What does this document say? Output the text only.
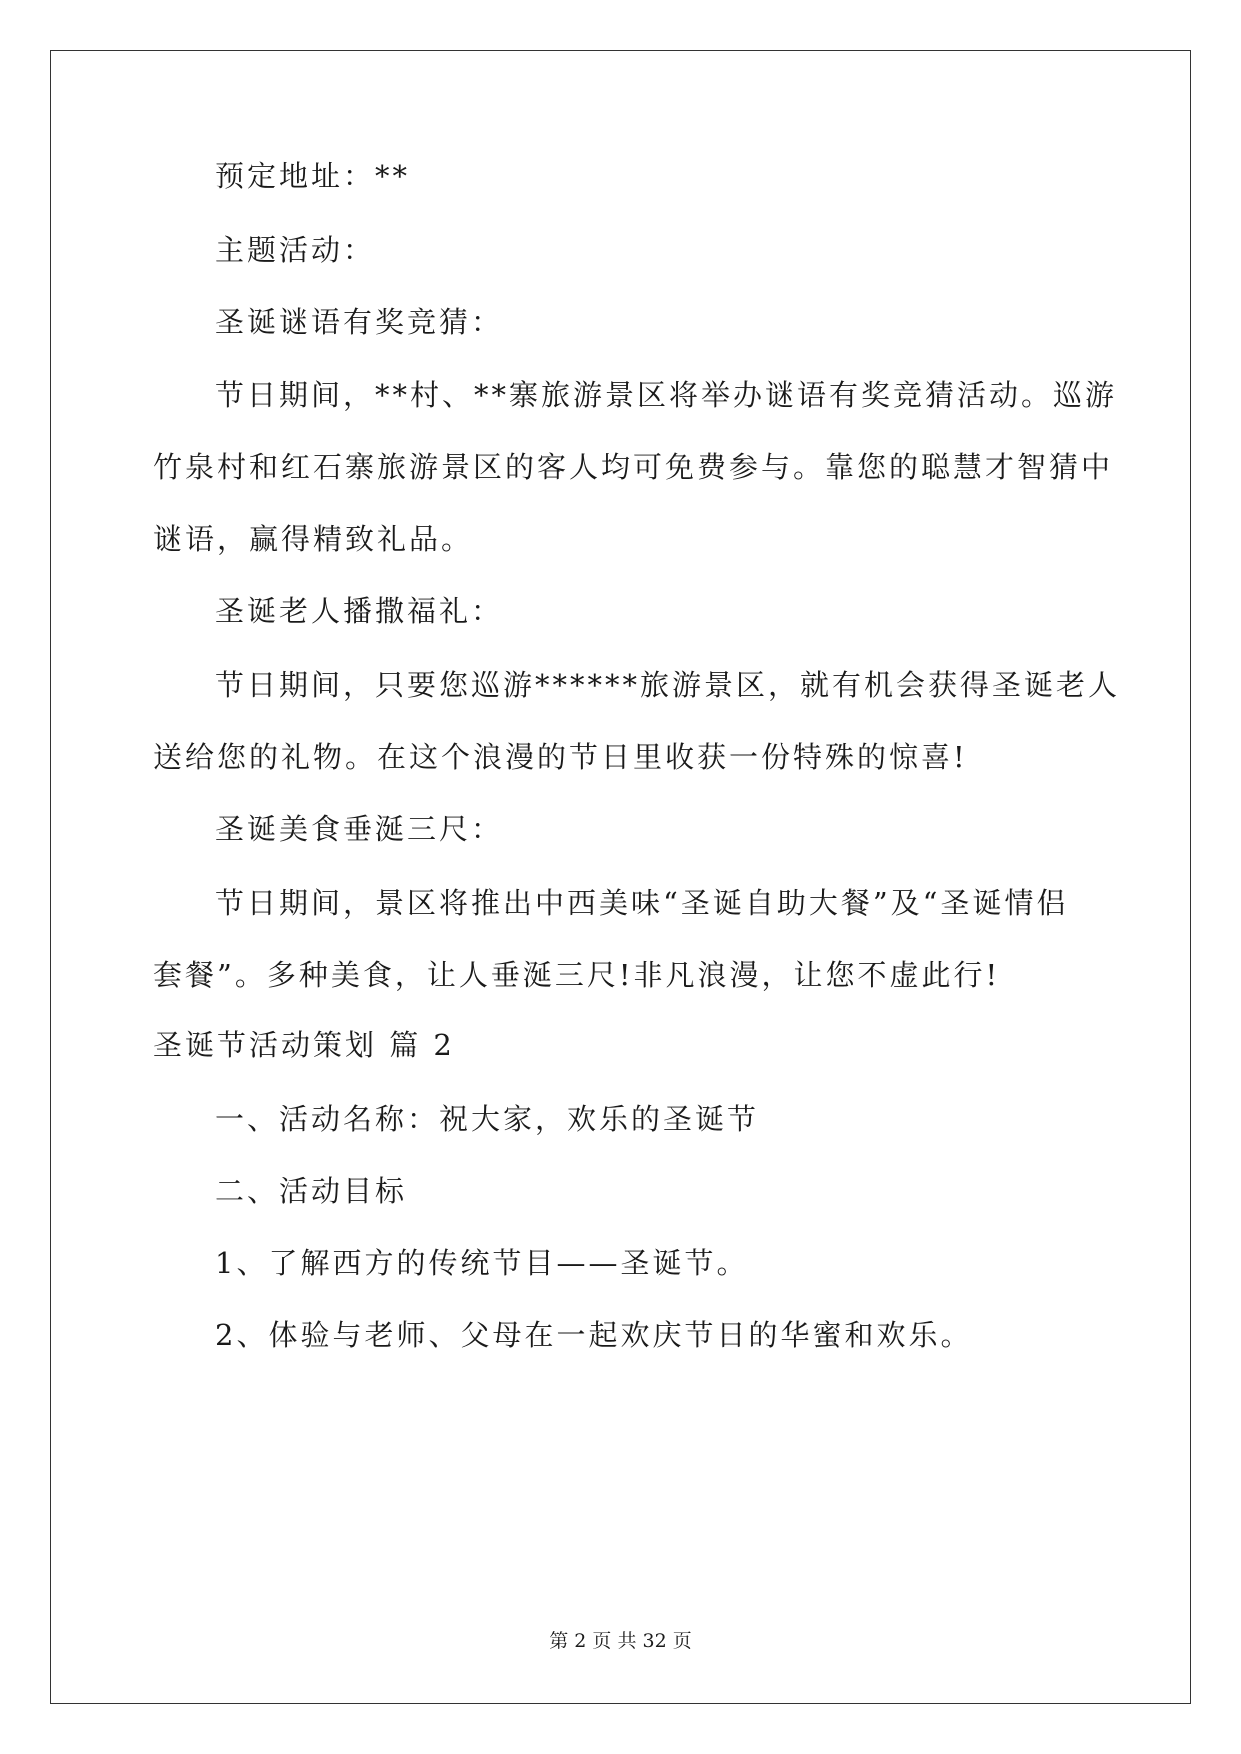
预定地址：**
主题活动：
圣诞谜语有奖竞猜：
节日期间，**村、**寨旅游景区将举办谜语有奖竞猜活动。巡游
竹泉村和红石寨旅游景区的客人均可免费参与。靠您的聪慧才智猜中
谜语，赢得精致礼品。
圣诞老人播撒福礼：
节日期间，只要您巡游******旅游景区，就有机会获得圣诞老人
送给您的礼物。在这个浪漫的节日里收获一份特殊的惊喜!
圣诞美食垂涎三尺：
节日期间，景区将推出中西美味“圣诞自助大餐”及“圣诞情侣
套餐”。多种美食，让人垂涎三尺!非凡浪漫，让您不虚此行!
圣诞节活动策划 篇 2
一、活动名称：祝大家，欢乐的圣诞节
二、活动目标
1、了解西方的传统节目——圣诞节。
2、体验与老师、父母在一起欢庆节日的华蜜和欢乐。
第 2 页 共 32 页
